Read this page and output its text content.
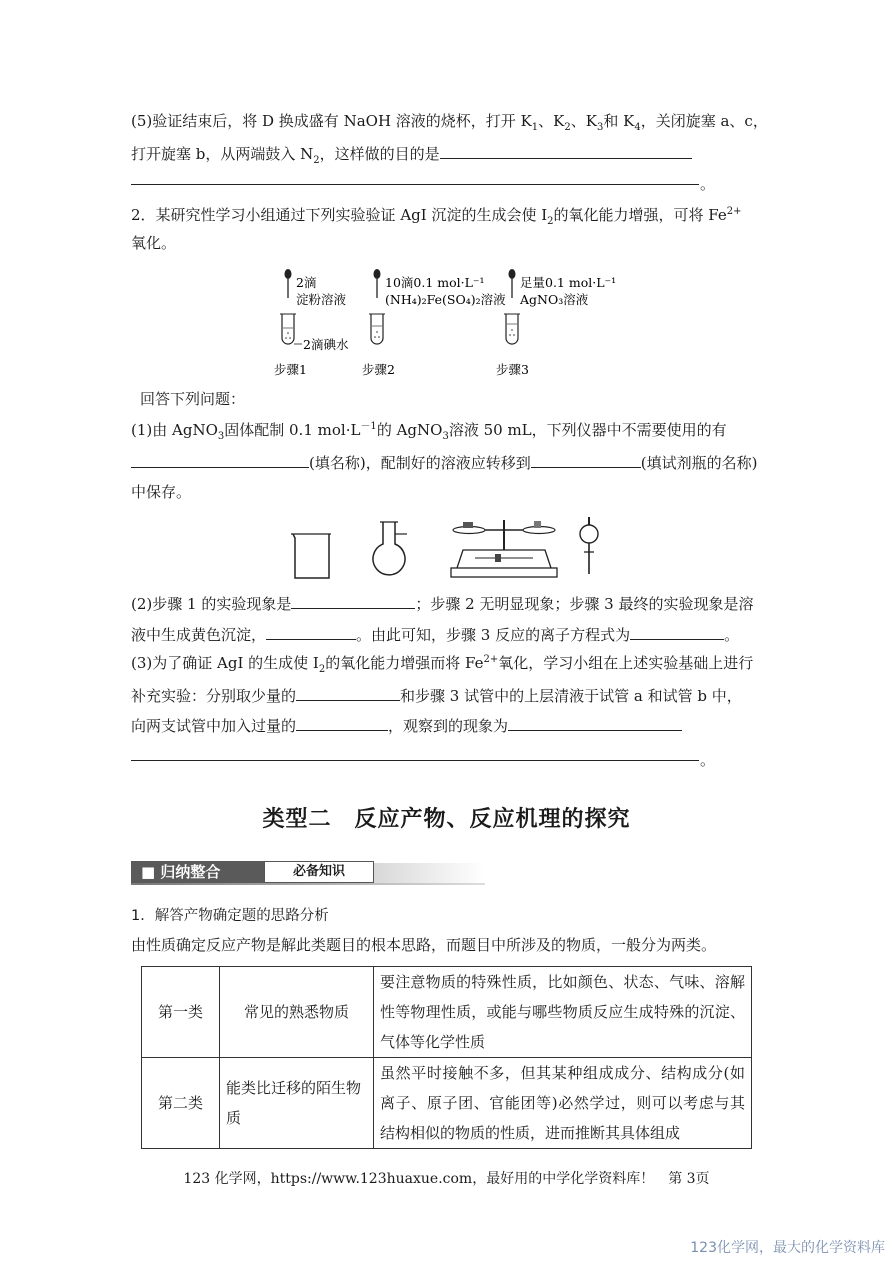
(5)验证结束后，将 D 换成盛有 NaOH 溶液的烧杯，打开 $K_1$、$K_2$、$K_3$和 $K_4$，关闭旋塞 a、c，
打开旋塞 b，从两端鼓入 $N_2$，这样做的目的是
。
2．某研究性学习小组通过下列实验验证 AgI 沉淀的生成会使 $I_2$的氧化能力增强，可将 $Fe^{2+}$
氧化。
2滴
淀粉溶液
2滴碘水
步骤1
10滴0.1 mol·L⁻¹
(NH₄)₂Fe(SO₄)₂溶液
步骤2
足量0.1 mol·L⁻¹
AgNO₃溶液
步骤3
回答下列问题：
(1)由 AgNO$_3$固体配制 0.1 $mol\cdot L^{-1}$的 AgNO$_3$溶液 50 mL，下列仪器中不需要使用的有
(填名称)，配制好的溶液应转移到	(填试剂瓶的名称)
中保存。
(2)步骤 1 的实验现象是	；步骤 2 无明显现象；步骤 3 最终的实验现象是溶
液中生成黄色沉淀，	。由此可知，步骤 3 反应的离子方程式为	。
(3)为了确证 AgI 的生成使 $I_2$的氧化能力增强而将 $Fe^{2+}$氧化，学习小组在上述实验基础上进行
补充实验：分别取少量的	和步骤 3 试管中的上层清液于试管 a 和试管 b 中，
向两支试管中加入过量的	，观察到的现象为
。
类型二　反应产物、反应机理的探究
■ 归纳整合	必备知识
1．解答产物确定题的思路分析
由性质确定反应产物是解此类题目的根本思路，而题目中所涉及的物质，一般分为两类。
第一类	常见的熟悉物质	要注意物质的特殊性质，比如颜色、状态、气味、溶解性等物理性质，或能与哪些物质反应生成特殊的沉淀、气体等化学性质
第二类	能类比迁移的陌生物质	虽然平时接触不多，但其某种组成成分、结构成分(如离子、原子团、官能团等)必然学过，则可以考虑与其结构相似的物质的性质，进而推断其具体组成
123 化学网，https://www.123huaxue.com，最好用的中学化学资料库！　第 3页
123化学网，最大的化学资料库
